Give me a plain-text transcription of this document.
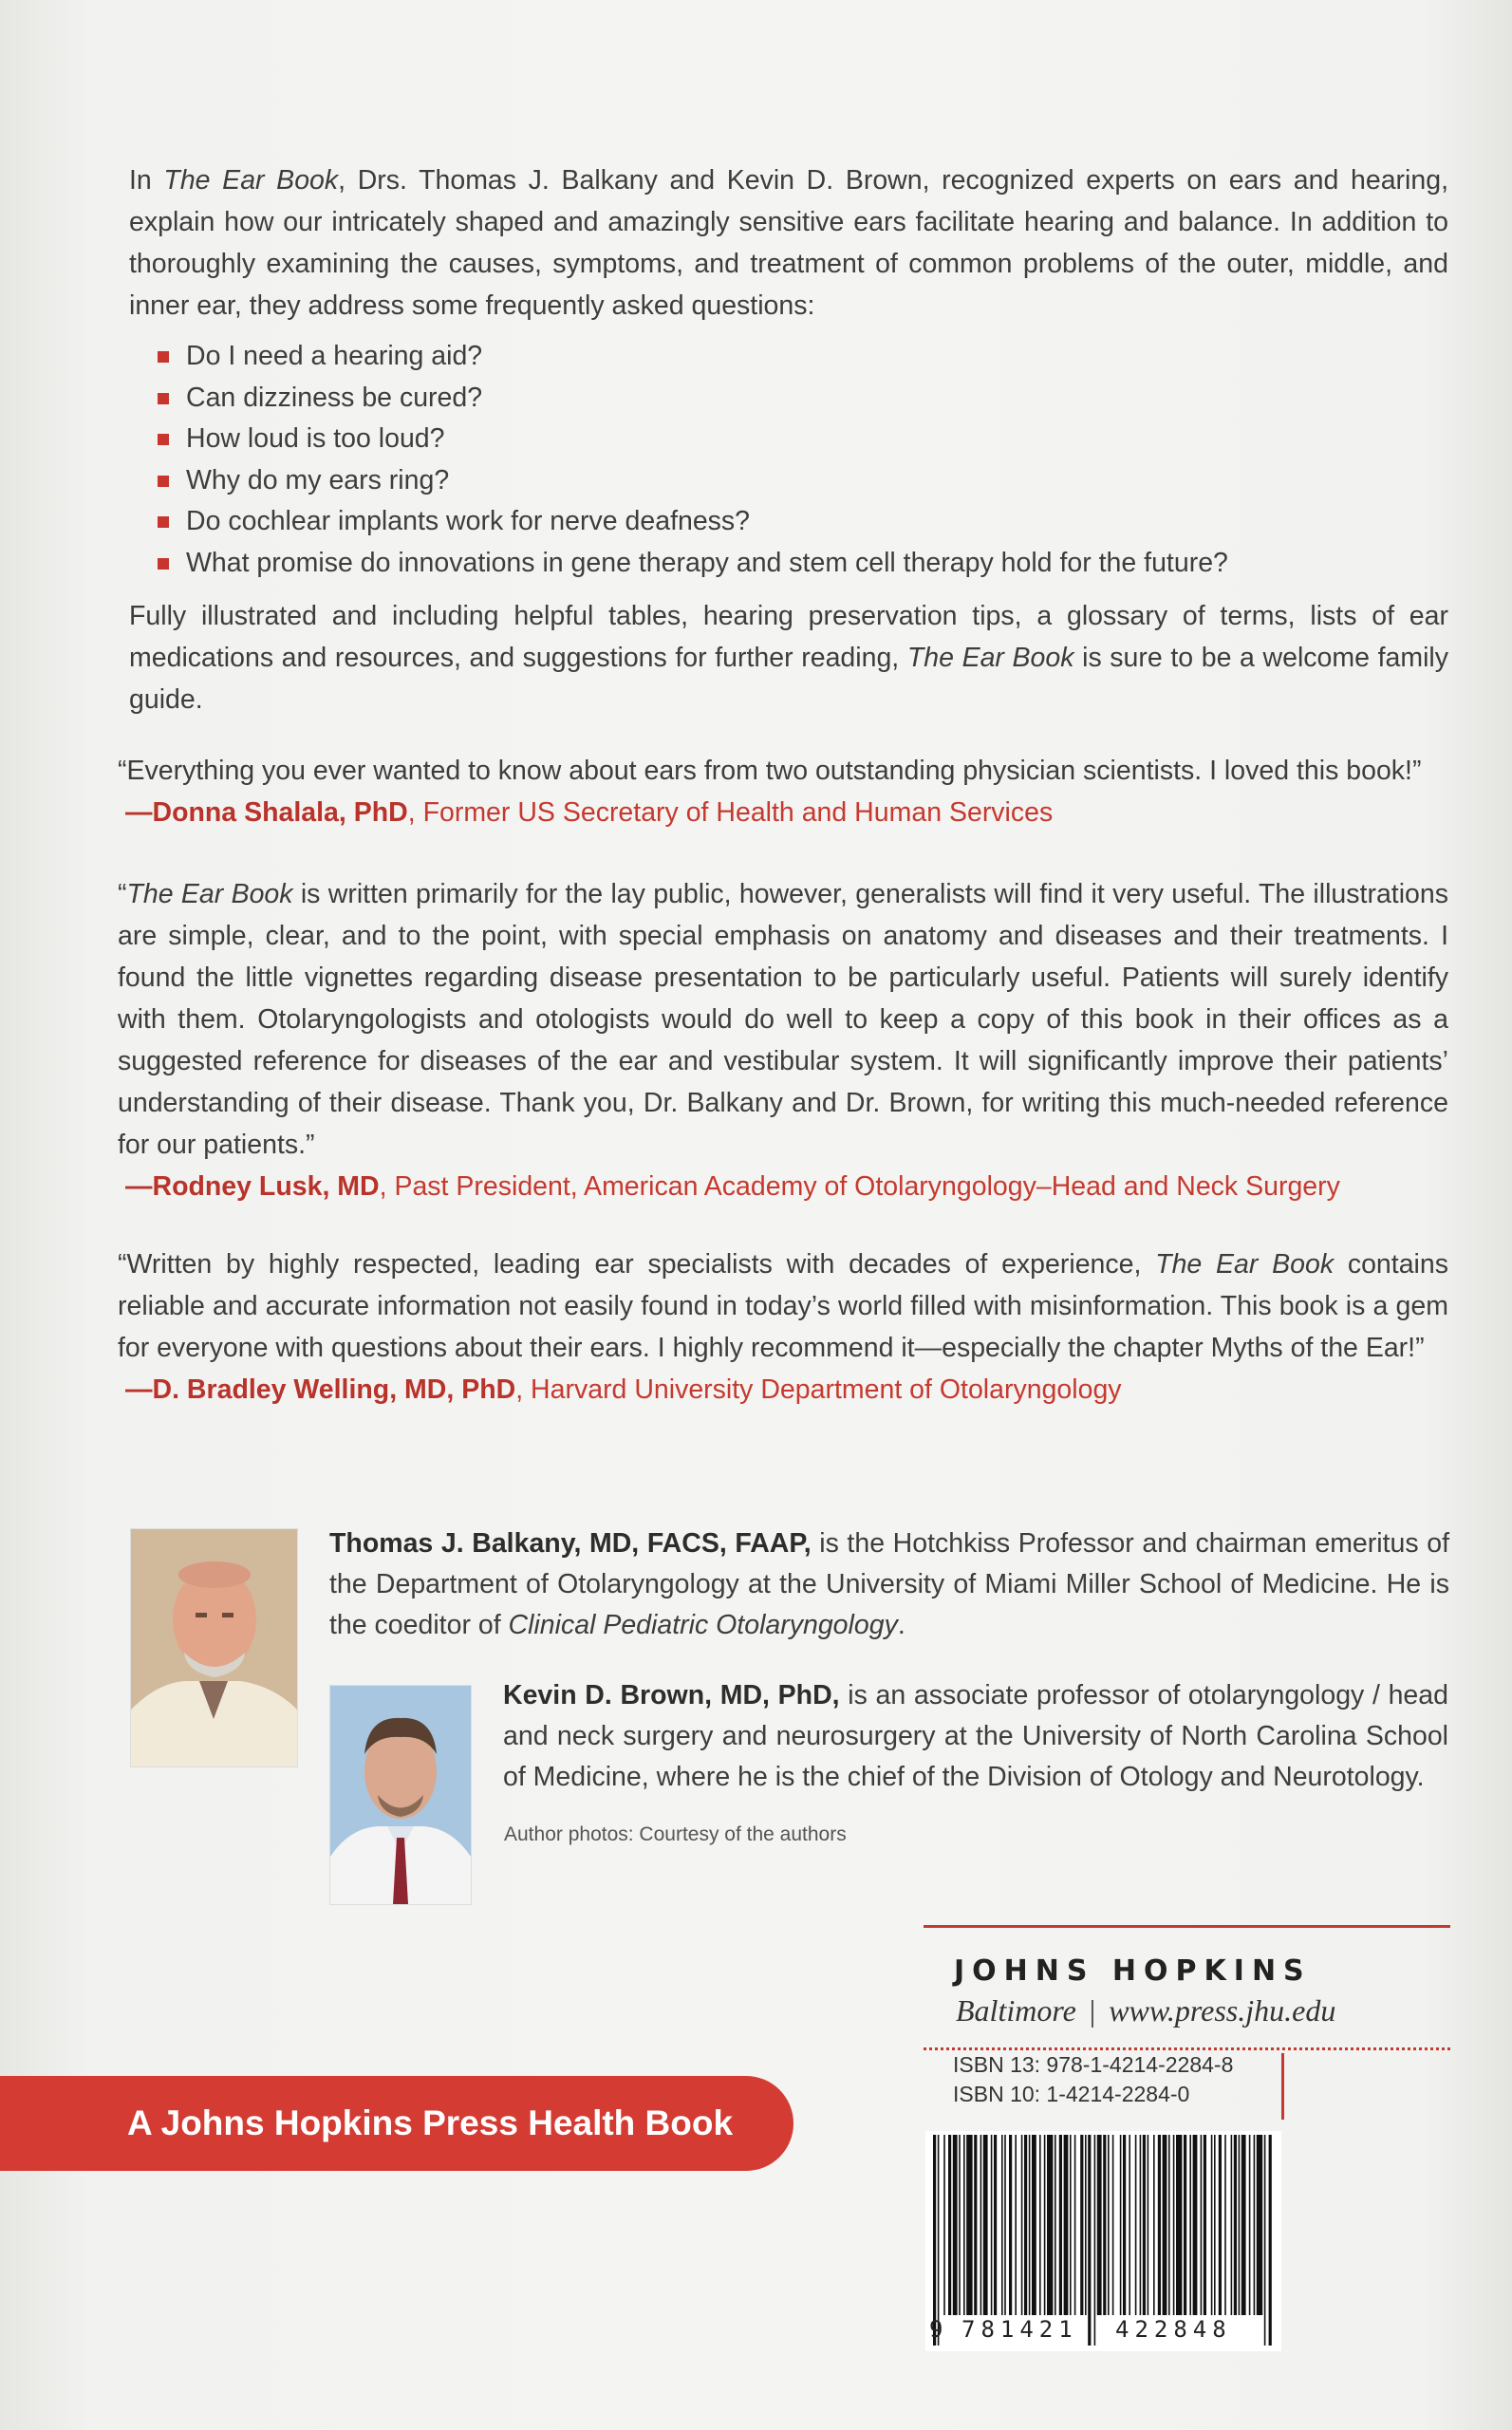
In The Ear Book, Drs. Thomas J. Balkany and Kevin D. Brown, recognized experts on ears and hearing, explain how our intricately shaped and amazingly sensitive ears facilitate hearing and balance. In addition to thoroughly examining the causes, symptoms, and treatment of common problems of the outer, middle, and inner ear, they address some frequently asked questions:

Do I need a hearing aid?
Can dizziness be cured?
How loud is too loud?
Why do my ears ring?
Do cochlear implants work for nerve deafness?
What promise do innovations in gene therapy and stem cell therapy hold for the future?

Fully illustrated and including helpful tables, hearing preservation tips, a glossary of terms, lists of ear medications and resources, and suggestions for further reading, The Ear Book is sure to be a welcome family guide.

“Everything you ever wanted to know about ears from two outstanding physician scientists. I loved this book!”

—Donna Shalala, PhD, Former US Secretary of Health and Human Services

“The Ear Book is written primarily for the lay public, however, generalists will find it very useful. The illustrations are simple, clear, and to the point, with special emphasis on anatomy and diseases and their treatments. I found the little vignettes regarding disease presentation to be particularly useful. Patients will surely identify with them. Otolaryngologists and otologists would do well to keep a copy of this book in their offices as a suggested reference for diseases of the ear and vestibular system. It will significantly improve their patients’ understanding of their disease. Thank you, Dr. Balkany and Dr. Brown, for writing this much-needed reference for our patients.”

—Rodney Lusk, MD, Past President, American Academy of Otolaryngology–Head and Neck Surgery

“Written by highly respected, leading ear specialists with decades of experience, The Ear Book contains reliable and accurate information not easily found in today’s world filled with misinformation. This book is a gem for everyone with questions about their ears. I highly recommend it—especially the chapter Myths of the Ear!”

—D. Bradley Welling, MD, PhD, Harvard University Department of Otolaryngology
Thomas J. Balkany, MD, FACS, FAAP, is the Hotchkiss Professor and chairman emeritus of the Department of Otolaryngology at the University of Miami Miller School of Medicine. He is the coeditor of Clinical Pediatric Otolaryngology.
Kevin D. Brown, MD, PhD, is an associate professor of otolaryngology / head and neck surgery and neurosurgery at the University of North Carolina School of Medicine, where he is the chief of the Division of Otology and Neurotology.
Author photos: Courtesy of the authors
JOHNS HOPKINS
Baltimore | www.press.jhu.edu
ISBN 13: 978-1-4214-2284-8
ISBN 10: 1-4214-2284-0
A Johns Hopkins Press Health Book
9 781421 422848
